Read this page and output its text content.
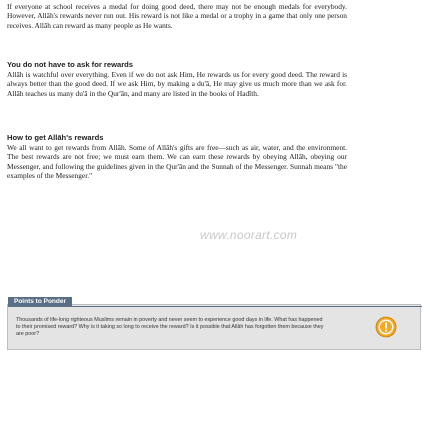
If everyone at school receives a medal for doing good deed, there may not be enough medals for everybody. However, Allāh's rewards never run out. His reward is not like a medal or a trophy in a game that only one person receives. Allāh can reward as many people as He wants.

You do not have to ask for rewards

Allāh is watchful over everything. Even if we do not ask Him, He rewards us for every good deed. The reward is always better than the good deed. If we ask Him, by making a du'ā, He may give us much more than we ask for. Allāh teaches us many du'ā in the Qur'ān, and many are listed in the books of Hadīth.

How to get Allāh's rewards

We all want to get rewards from Allāh. Some of Allāh's gifts are free—such as air, water, and the environment. The best rewards are not free; we must earn them. We can earn these rewards by obeying Allāh, obeying our Messenger, and following the guidelines given in the Qur'ān and the Sunnah of the Messenger. Sunnah means "the examples of the Messenger."

www.noorart.com
Points to Ponder

Thousands of life-long righteous Muslims remain in poverty and never seem to experience good days in life. What has happened to their promised reward? Why is it taking so long to receive the reward? Is it possible that Allāh has forgotten them because they are poor?
